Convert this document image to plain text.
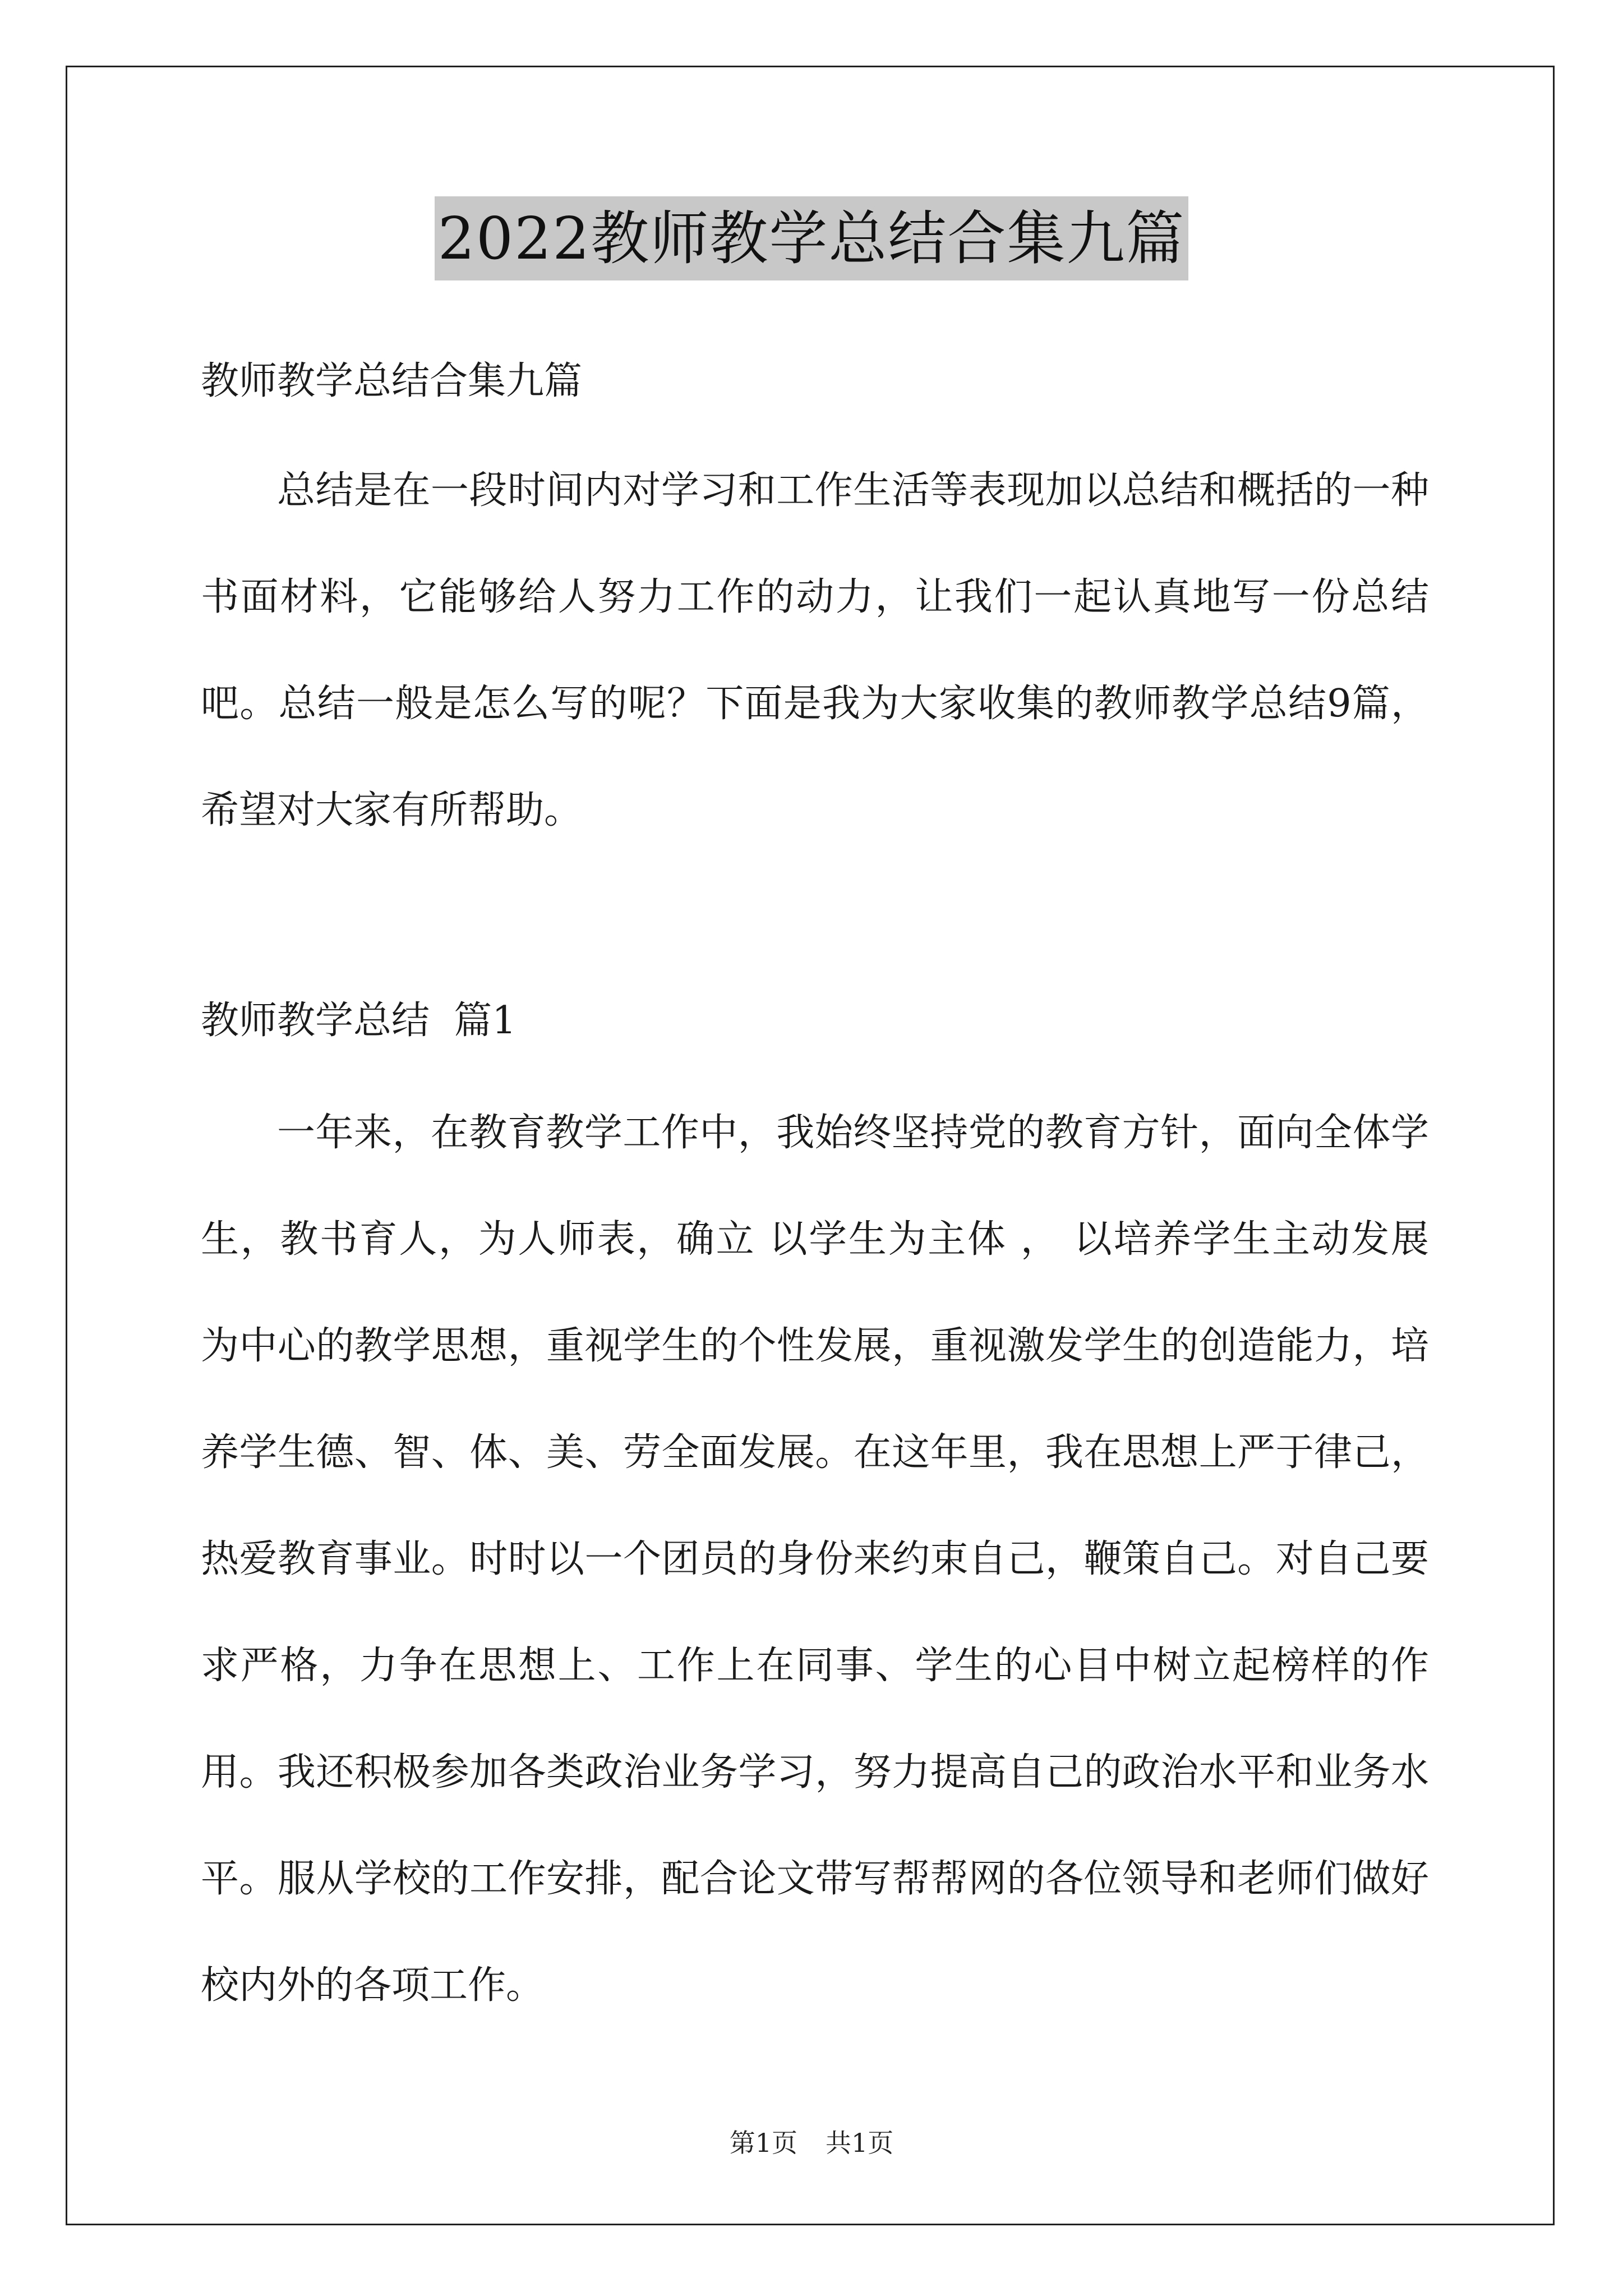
2022教师教学总结合集九篇
教师教学总结合集九篇

总结是在一段时间内对学习和工作生活等表现加以总结和概括的一种书面材料，它能够给人努力工作的动力，让我们一起认真地写一份总结吧。总结一般是怎么写的呢？下面是我为大家收集的教师教学总结9篇，希望对大家有所帮助。

教师教学总结  篇1

一年来，在教育教学工作中，我始终坚持党的教育方针，面向全体学生，教书育人，为人师表，确立 以学生为主体 ， 以培养学生主动发展 为中心的教学思想，重视学生的个性发展，重视激发学生的创造能力，培养学生德、智、体、美、劳全面发展。在这年里，我在思想上严于律己，热爱教育事业。时时以一个团员的身份来约束自己，鞭策自己。对自己要求严格，力争在思想上、工作上在同事、学生的心目中树立起榜样的作用。我还积极参加各类政治业务学习，努力提高自己的政治水平和业务水平。服从学校的工作安排，配合论文带写帮帮网的各位领导和老师们做好校内外的各项工作。

第1页 共1页
